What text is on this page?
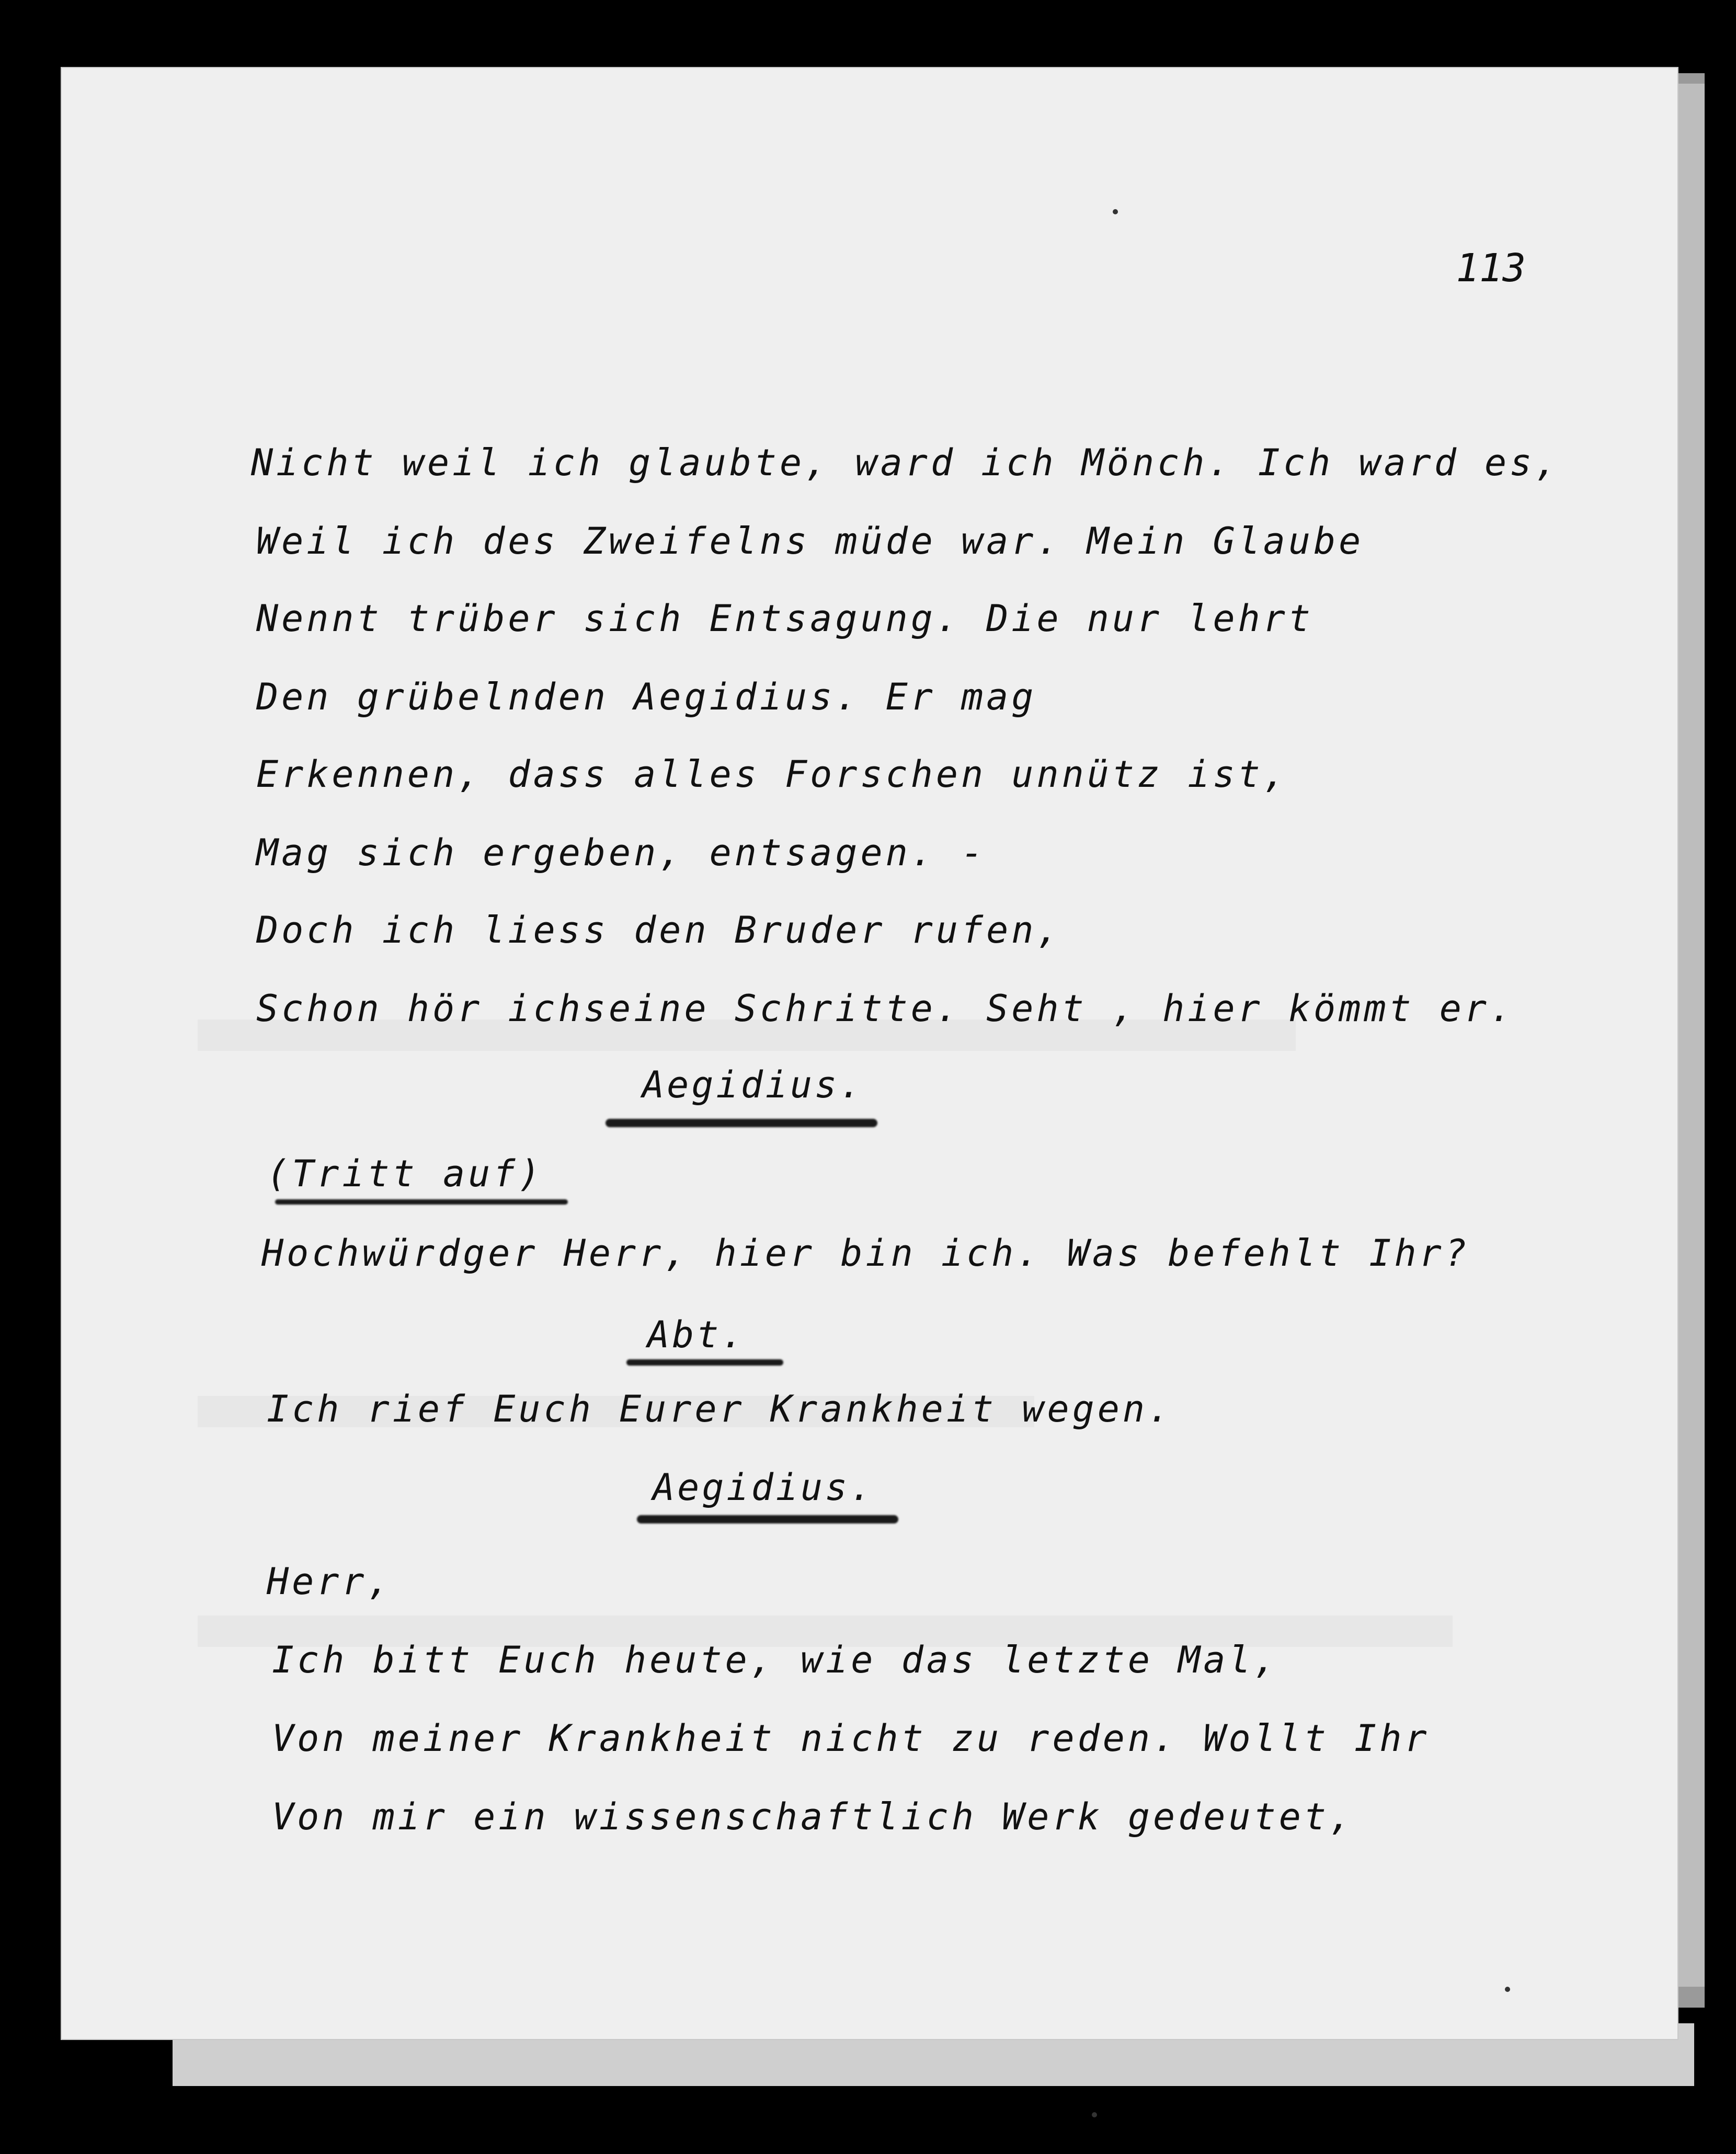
113
Nicht weil ich glaubte, ward ich Mönch. Ich ward es,
Weil ich des Zweifelns müde war. Mein Glaube
Nennt trüber sich Entsagung. Die nur lehrt
Den grübelnden Aegidius. Er mag
Erkennen, dass alles Forschen unnütz ist,
Mag sich ergeben, entsagen. -
Doch ich liess den Bruder rufen,
Schon hör ichseine Schritte. Seht , hier kömmt er.
Aegidius.
(Tritt auf)
Hochwürdger Herr, hier bin ich. Was befehlt Ihr?
Abt.
Ich rief Euch Eurer Krankheit wegen.
Aegidius.
Herr,
Ich bitt Euch heute, wie das letzte Mal,
Von meiner Krankheit nicht zu reden. Wollt Ihr
Von mir ein wissenschaftlich Werk gedeutet,
